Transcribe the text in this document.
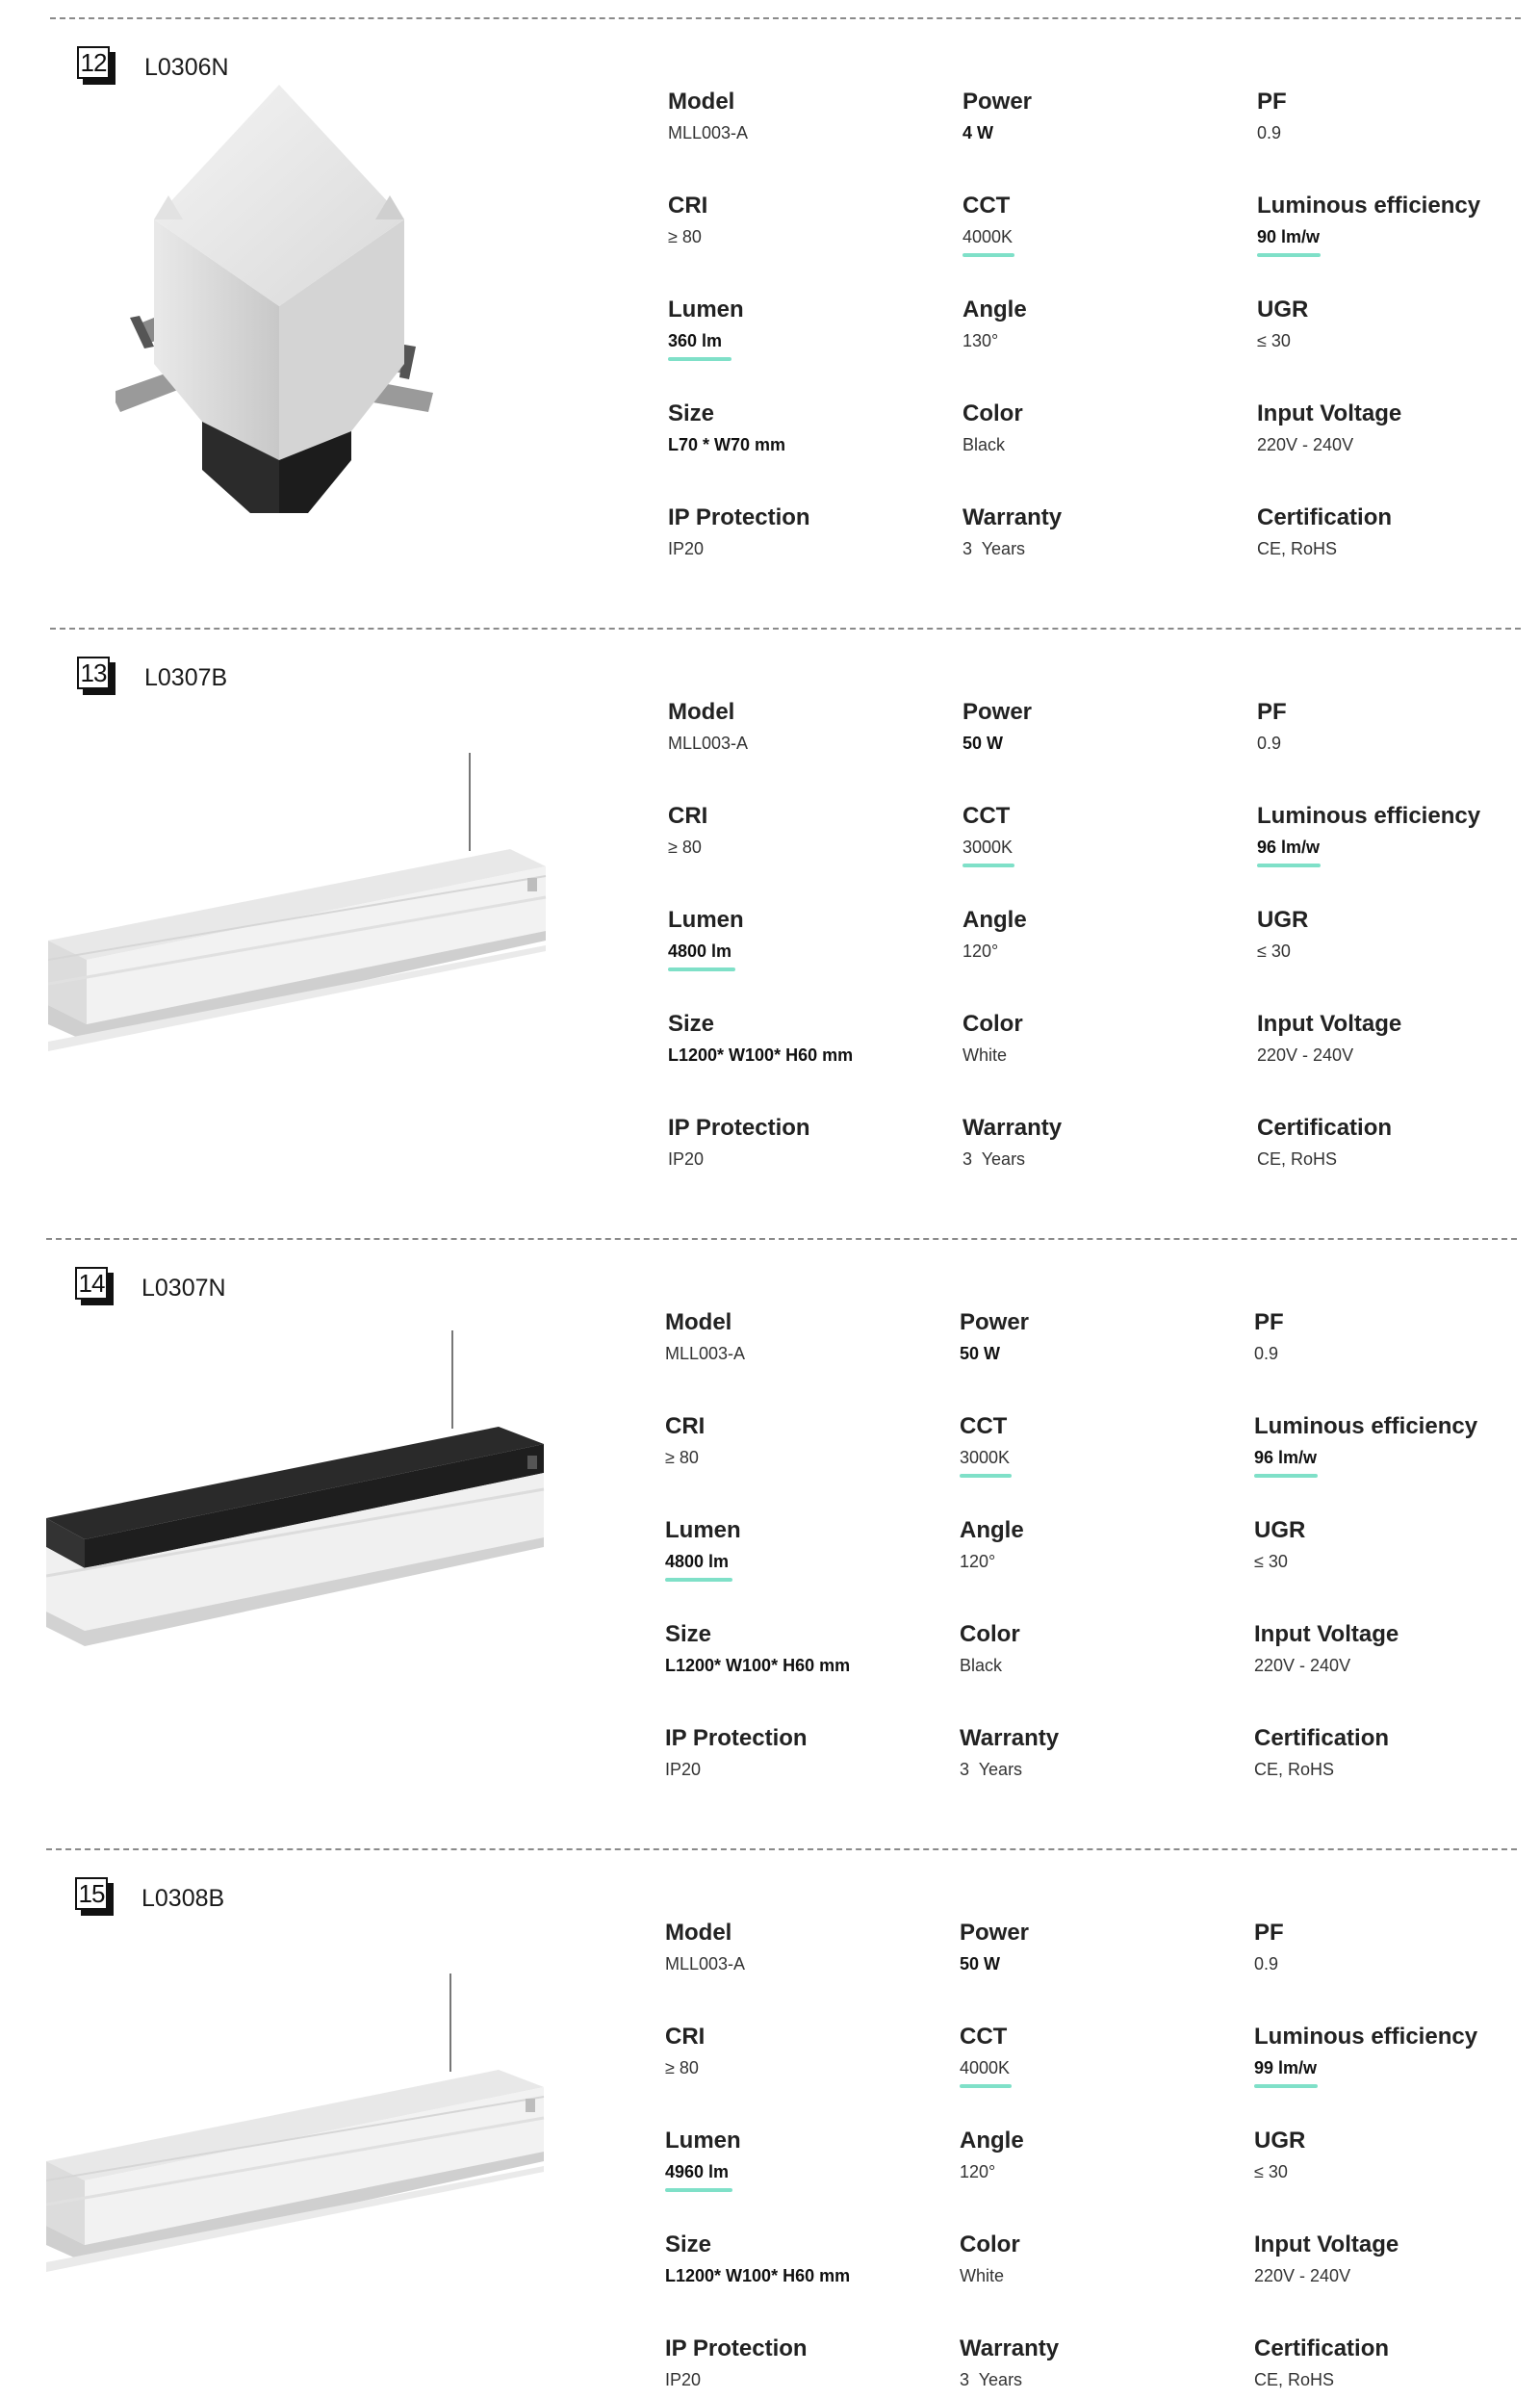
12 L0306N
Model
MLL003-A
Power
4 W
PF
0.9
CRI
≥ 80
CCT
4000K
Luminous efficiency
90 lm/w
Lumen
360 lm
Angle
130°
UGR
≤ 30
Size
L70 * W70 mm
Color
Black
Input Voltage
220V - 240V
IP Protection
IP20
Warranty
3  Years
Certification
CE, RoHS
13 L0307B
Model
MLL003-A
Power
50 W
PF
0.9
CRI
≥ 80
CCT
3000K
Luminous efficiency
96 lm/w
Lumen
4800 lm
Angle
120°
UGR
≤ 30
Size
L1200* W100* H60 mm
Color
White
Input Voltage
220V - 240V
IP Protection
IP20
Warranty
3  Years
Certification
CE, RoHS
14 L0307N
Model
MLL003-A
Power
50 W
PF
0.9
CRI
≥ 80
CCT
3000K
Luminous efficiency
96 lm/w
Lumen
4800 lm
Angle
120°
UGR
≤ 30
Size
L1200* W100* H60 mm
Color
Black
Input Voltage
220V - 240V
IP Protection
IP20
Warranty
3  Years
Certification
CE, RoHS
15 L0308B
Model
MLL003-A
Power
50 W
PF
0.9
CRI
≥ 80
CCT
4000K
Luminous efficiency
99 lm/w
Lumen
4960 lm
Angle
120°
UGR
≤ 30
Size
L1200* W100* H60 mm
Color
White
Input Voltage
220V - 240V
IP Protection
IP20
Warranty
3  Years
Certification
CE, RoHS
